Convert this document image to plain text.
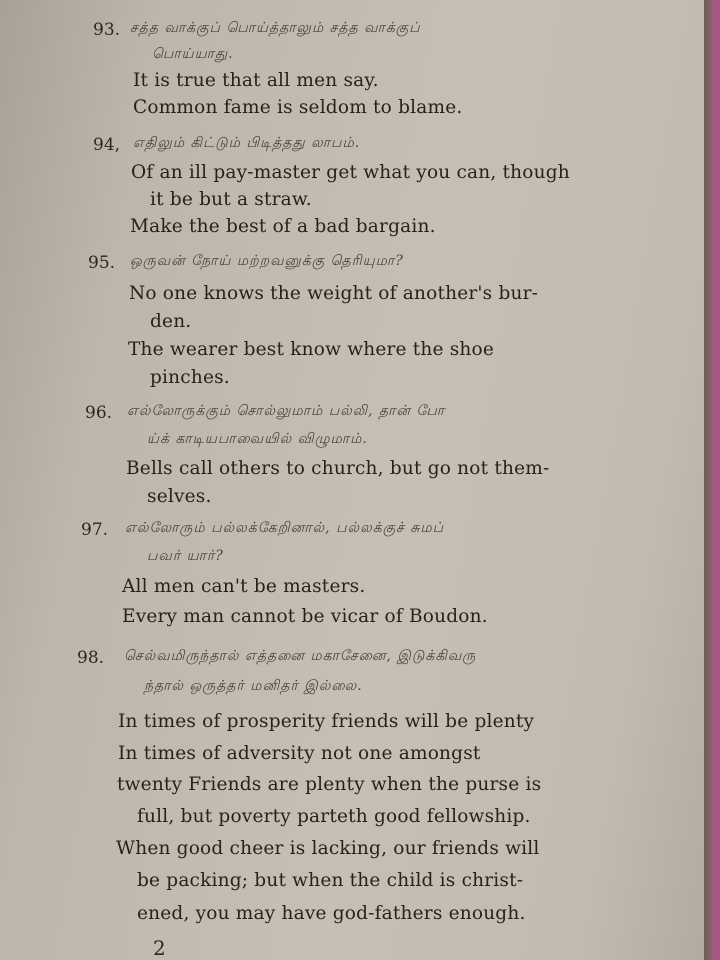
93. சத்த வாக்குப் பொய்த்தாலும் சத்த வாக்குப்
பொய்யாது.
It is true that all men say.
Common fame is seldom to blame.
94, எதிலும் கிட்டும் பிடித்தது லாபம்.
Of an ill pay-master get what you can, though
it be but a straw.
Make the best of a bad bargain.
95. ஒருவன் நோய் மற்றவனுக்கு தெரியுமா?
No one knows the weight of another's bur-
den.
The wearer best know where the shoe
pinches.
96. எல்லோருக்கும் சொல்லுமாம் பல்லி, தான் போ
ய்க் காடியபாவையில் விழுமாம்.
Bells call others to church, but go not them-
selves.
97. எல்லோரும் பல்லக்கேறினால், பல்லக்குச் சுமப்
பவர் யார்?
All men can't be masters.
Every man cannot be vicar of Boudon.
98. செல்வமிருந்தால் எத்தனை மகாசேனை, இடுக்கிவரு
ந்தால் ஒருத்தர் மனிதர் இல்லை.
In times of prosperity friends will be plenty
In times of adversity not one amongst
twenty Friends are plenty when the purse is
full, but poverty parteth good fellowship.
When good cheer is lacking, our friends will
be packing; but when the child is christ-
ened, you may have god-fathers enough.
2
